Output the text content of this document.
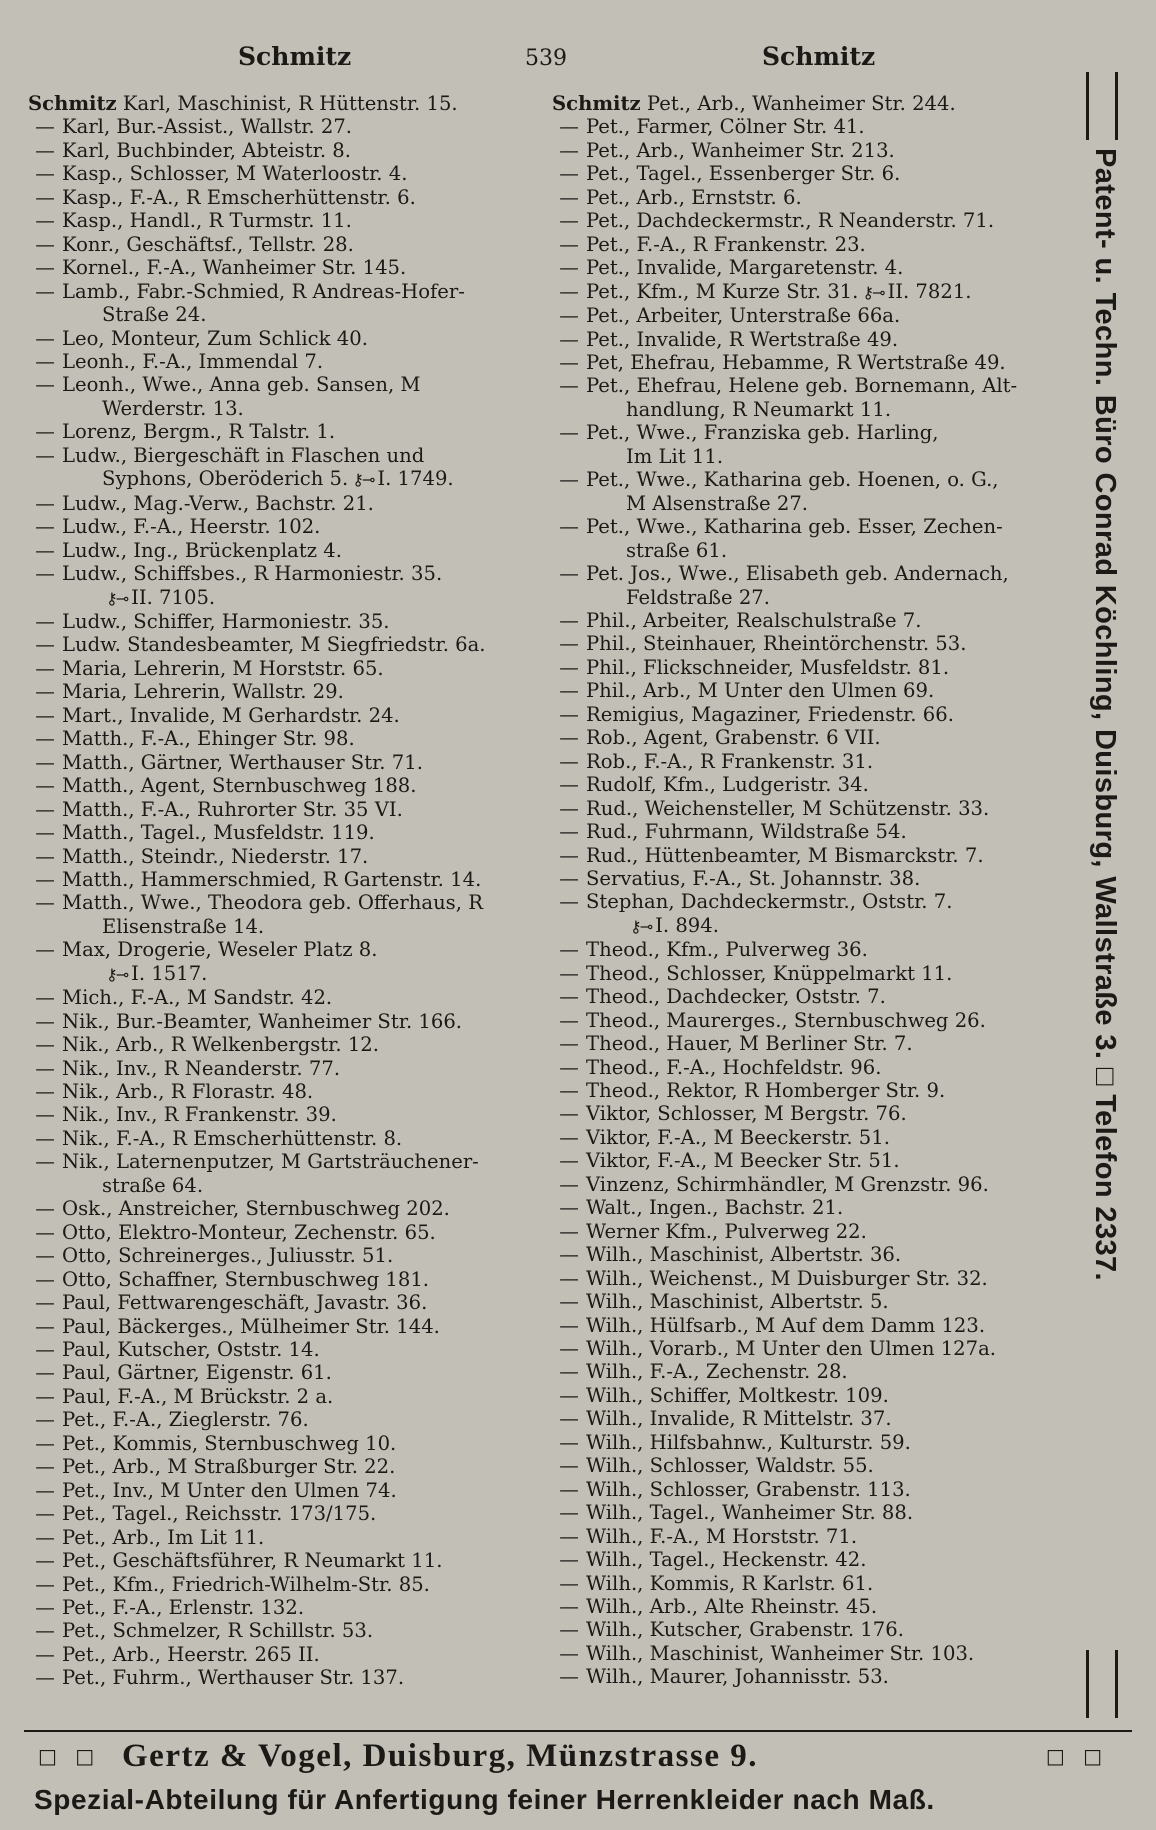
Schmitz	539	Schmitz
Schmitz Karl, Maschinist, R Hüttenstr. 15.
— Karl, Bur.-Assist., Wallstr. 27.
— Karl, Buchbinder, Abteistr. 8.
— Kasp., Schlosser, M Waterloostr. 4.
— Kasp., F.-A., R Emscherhüttenstr. 6.
— Kasp., Handl., R Turmstr. 11.
— Konr., Geschäftsf., Tellstr. 28.
— Kornel., F.-A., Wanheimer Str. 145.
— Lamb., Fabr.-Schmied, R Andreas-Hofer-
Straße 24.
— Leo, Monteur, Zum Schlick 40.
— Leonh., F.-A., Immendal 7.
— Leonh., Wwe., Anna geb. Sansen, M
Werderstr. 13.
— Lorenz, Bergm., R Talstr. 1.
— Ludw., Biergeschäft in Flaschen und
Syphons, Oberöderich 5.⚷⊸I. 1749.
— Ludw., Mag.-Verw., Bachstr. 21.
— Ludw., F.-A., Heerstr. 102.
— Ludw., Ing., Brückenplatz 4.
— Ludw., Schiffsbes., R Harmoniestr. 35.
⚷⊸II. 7105.
— Ludw., Schiffer, Harmoniestr. 35.
— Ludw. Standesbeamter, M Siegfriedstr. 6a.
— Maria, Lehrerin, M Horststr. 65.
— Maria, Lehrerin, Wallstr. 29.
— Mart., Invalide, M Gerhardstr. 24.
— Matth., F.-A., Ehinger Str. 98.
— Matth., Gärtner, Werthauser Str. 71.
— Matth., Agent, Sternbuschweg 188.
— Matth., F.-A., Ruhrorter Str. 35 VI.
— Matth., Tagel., Musfeldstr. 119.
— Matth., Steindr., Niederstr. 17.
— Matth., Hammerschmied, R Gartenstr. 14.
— Matth., Wwe., Theodora geb. Offerhaus, R
Elisenstraße 14.
— Max, Drogerie, Weseler Platz 8.
⚷⊸I. 1517.
— Mich., F.-A., M Sandstr. 42.
— Nik., Bur.-Beamter, Wanheimer Str. 166.
— Nik., Arb., R Welkenbergstr. 12.
— Nik., Inv., R Neanderstr. 77.
— Nik., Arb., R Florastr. 48.
— Nik., Inv., R Frankenstr. 39.
— Nik., F.-A., R Emscherhüttenstr. 8.
— Nik., Laternenputzer, M Gartsträuchener-
straße 64.
— Osk., Anstreicher, Sternbuschweg 202.
— Otto, Elektro-Monteur, Zechenstr. 65.
— Otto, Schreinerges., Juliusstr. 51.
— Otto, Schaffner, Sternbuschweg 181.
— Paul, Fettwarengeschäft, Javastr. 36.
— Paul, Bäckerges., Mülheimer Str. 144.
— Paul, Kutscher, Oststr. 14.
— Paul, Gärtner, Eigenstr. 61.
— Paul, F.-A., M Brückstr. 2 a.
— Pet., F.-A., Zieglerstr. 76.
— Pet., Kommis, Sternbuschweg 10.
— Pet., Arb., M Straßburger Str. 22.
— Pet., Inv., M Unter den Ulmen 74.
— Pet., Tagel., Reichsstr. 173/175.
— Pet., Arb., Im Lit 11.
— Pet., Geschäftsführer, R Neumarkt 11.
— Pet., Kfm., Friedrich-Wilhelm-Str. 85.
— Pet., F.-A., Erlenstr. 132.
— Pet., Schmelzer, R Schillstr. 53.
— Pet., Arb., Heerstr. 265 II.
— Pet., Fuhrm., Werthauser Str. 137.
Schmitz Pet., Arb., Wanheimer Str. 244.
— Pet., Farmer, Cölner Str. 41.
— Pet., Arb., Wanheimer Str. 213.
— Pet., Tagel., Essenberger Str. 6.
— Pet., Arb., Ernststr. 6.
— Pet., Dachdeckermstr., R Neanderstr. 71.
— Pet., F.-A., R Frankenstr. 23.
— Pet., Invalide, Margaretenstr. 4.
— Pet., Kfm., M Kurze Str. 31.⚷⊸II. 7821.
— Pet., Arbeiter, Unterstraße 66a.
— Pet., Invalide, R Wertstraße 49.
— Pet, Ehefrau, Hebamme, R Wertstraße 49.
— Pet., Ehefrau, Helene geb. Bornemann, Alt-
handlung, R Neumarkt 11.
— Pet., Wwe., Franziska geb. Harling,
Im Lit 11.
— Pet., Wwe., Katharina geb. Hoenen, o. G.,
M Alsenstraße 27.
— Pet., Wwe., Katharina geb. Esser, Zechen-
straße 61.
— Pet. Jos., Wwe., Elisabeth geb. Andernach,
Feldstraße 27.
— Phil., Arbeiter, Realschulstraße 7.
— Phil., Steinhauer, Rheintörchenstr. 53.
— Phil., Flickschneider, Musfeldstr. 81.
— Phil., Arb., M Unter den Ulmen 69.
— Remigius, Magaziner, Friedenstr. 66.
— Rob., Agent, Grabenstr. 6 VII.
— Rob., F.-A., R Frankenstr. 31.
— Rudolf, Kfm., Ludgeristr. 34.
— Rud., Weichensteller, M Schützenstr. 33.
— Rud., Fuhrmann, Wildstraße 54.
— Rud., Hüttenbeamter, M Bismarckstr. 7.
— Servatius, F.-A., St. Johannstr. 38.
— Stephan, Dachdeckermstr., Oststr. 7.
⚷⊸I. 894.
— Theod., Kfm., Pulverweg 36.
— Theod., Schlosser, Knüppelmarkt 11.
— Theod., Dachdecker, Oststr. 7.
— Theod., Maurerges., Sternbuschweg 26.
— Theod., Hauer, M Berliner Str. 7.
— Theod., F.-A., Hochfeldstr. 96.
— Theod., Rektor, R Homberger Str. 9.
— Viktor, Schlosser, M Bergstr. 76.
— Viktor, F.-A., M Beeckerstr. 51.
— Viktor, F.-A., M Beecker Str. 51.
— Vinzenz, Schirmhändler, M Grenzstr. 96.
— Walt., Ingen., Bachstr. 21.
— Werner Kfm., Pulverweg 22.
— Wilh., Maschinist, Albertstr. 36.
— Wilh., Weichenst., M Duisburger Str. 32.
— Wilh., Maschinist, Albertstr. 5.
— Wilh., Hülfsarb., M Auf dem Damm 123.
— Wilh., Vorarb., M Unter den Ulmen 127a.
— Wilh., F.-A., Zechenstr. 28.
— Wilh., Schiffer, Moltkestr. 109.
— Wilh., Invalide, R Mittelstr. 37.
— Wilh., Hilfsbahnw., Kulturstr. 59.
— Wilh., Schlosser, Waldstr. 55.
— Wilh., Schlosser, Grabenstr. 113.
— Wilh., Tagel., Wanheimer Str. 88.
— Wilh., F.-A., M Horststr. 71.
— Wilh., Tagel., Heckenstr. 42.
— Wilh., Kommis, R Karlstr. 61.
— Wilh., Arb., Alte Rheinstr. 45.
— Wilh., Kutscher, Grabenstr. 176.
— Wilh., Maschinist, Wanheimer Str. 103.
— Wilh., Maurer, Johannisstr. 53.
Patent- u. Techn. Büro Conrad Köchling, Duisburg, Wallstraße 3. □ Telefon 2337.
□ □ Gertz & Vogel, Duisburg, Münzstrasse 9.	□ □
Spezial-Abteilung für Anfertigung feiner Herrenkleider nach Maß.
